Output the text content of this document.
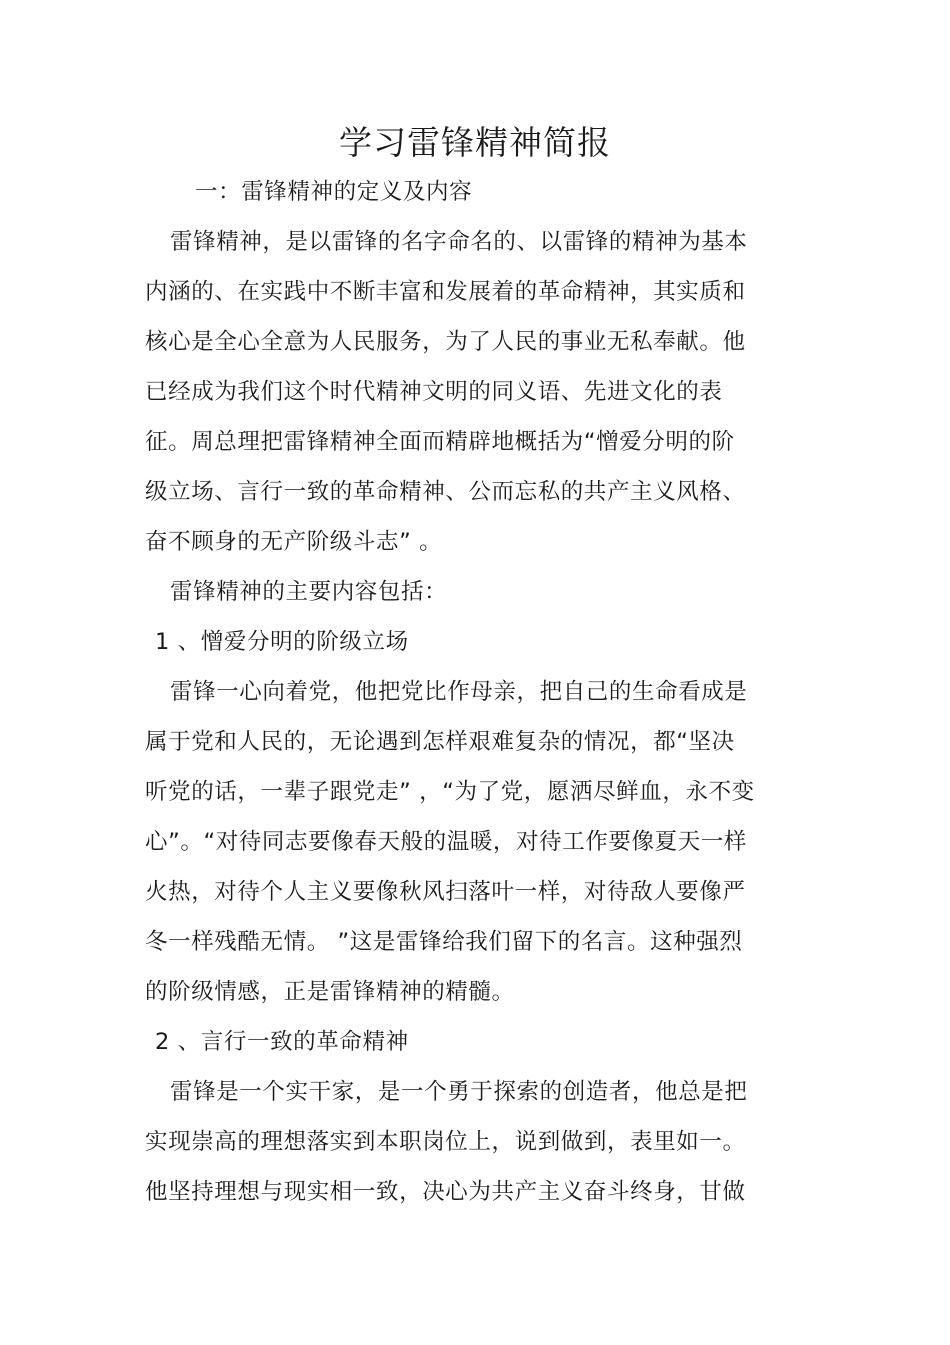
学习雷锋精神简报

一：雷锋精神的定义及内容

雷锋精神，是以雷锋的名字命名的、以雷锋的精神为基本

内涵的、在实践中不断丰富和发展着的革命精神，其实质和

核心是全心全意为人民服务，为了人民的事业无私奉献。他

已经成为我们这个时代精神文明的同义语、先进文化的表

征。周总理把雷锋精神全面而精辟地概括为“憎爱分明的阶

级立场、言行一致的革命精神、公而忘私的共产主义风格、

奋不顾身的无产阶级斗志” 。

雷锋精神的主要内容包括：

1 、憎爱分明的阶级立场

雷锋一心向着党，他把党比作母亲，把自己的生命看成是

属于党和人民的，无论遇到怎样艰难复杂的情况，都“坚决

听党的话，一辈子跟党走” ，“为了党，愿洒尽鲜血，永不变

心”。“对待同志要像春天般的温暖，对待工作要像夏天一样

火热，对待个人主义要像秋风扫落叶一样，对待敌人要像严

冬一样残酷无情。 ”这是雷锋给我们留下的名言。这种强烈

的阶级情感，正是雷锋精神的精髓。

2 、言行一致的革命精神

雷锋是一个实干家，是一个勇于探索的创造者，他总是把

实现崇高的理想落实到本职岗位上，说到做到，表里如一。

他坚持理想与现实相一致，决心为共产主义奋斗终身，甘做
